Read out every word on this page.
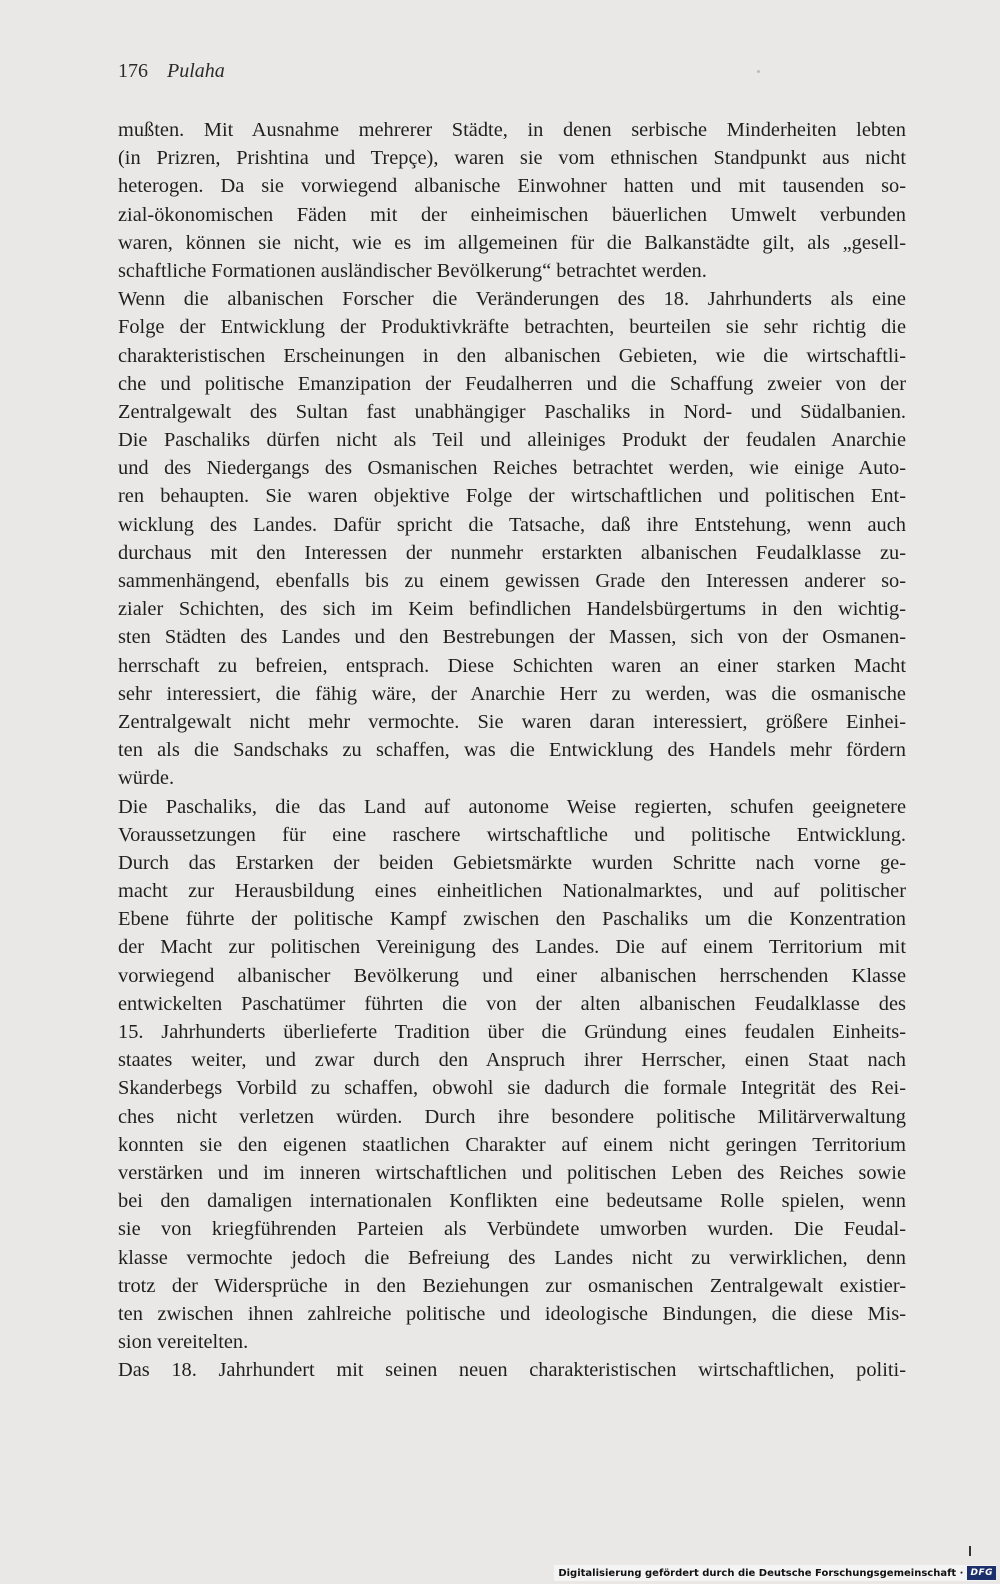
176 Pulaha
mußten. Mit Ausnahme mehrerer Städte, in denen serbische Minderheiten lebten
(in Prizren, Prishtina und Trepçe), waren sie vom ethnischen Standpunkt aus nicht
heterogen. Da sie vorwiegend albanische Einwohner hatten und mit tausenden so-
zial-ökonomischen Fäden mit der einheimischen bäuerlichen Umwelt verbunden
waren, können sie nicht, wie es im allgemeinen für die Balkanstädte gilt, als „gesell-
schaftliche Formationen ausländischer Bevölkerung“ betrachtet werden.
Wenn die albanischen Forscher die Veränderungen des 18. Jahrhunderts als eine
Folge der Entwicklung der Produktivkräfte betrachten, beurteilen sie sehr richtig die
charakteristischen Erscheinungen in den albanischen Gebieten, wie die wirtschaftli-
che und politische Emanzipation der Feudalherren und die Schaffung zweier von der
Zentralgewalt des Sultan fast unabhängiger Paschaliks in Nord- und Südalbanien.
Die Paschaliks dürfen nicht als Teil und alleiniges Produkt der feudalen Anarchie
und des Niedergangs des Osmanischen Reiches betrachtet werden, wie einige Auto-
ren behaupten. Sie waren objektive Folge der wirtschaftlichen und politischen Ent-
wicklung des Landes. Dafür spricht die Tatsache, daß ihre Entstehung, wenn auch
durchaus mit den Interessen der nunmehr erstarkten albanischen Feudalklasse zu-
sammenhängend, ebenfalls bis zu einem gewissen Grade den Interessen anderer so-
zialer Schichten, des sich im Keim befindlichen Handelsbürgertums in den wichtig-
sten Städten des Landes und den Bestrebungen der Massen, sich von der Osmanen-
herrschaft zu befreien, entsprach. Diese Schichten waren an einer starken Macht
sehr interessiert, die fähig wäre, der Anarchie Herr zu werden, was die osmanische
Zentralgewalt nicht mehr vermochte. Sie waren daran interessiert, größere Einhei-
ten als die Sandschaks zu schaffen, was die Entwicklung des Handels mehr fördern
würde.
Die Paschaliks, die das Land auf autonome Weise regierten, schufen geeignetere
Voraussetzungen für eine raschere wirtschaftliche und politische Entwicklung.
Durch das Erstarken der beiden Gebietsmärkte wurden Schritte nach vorne ge-
macht zur Herausbildung eines einheitlichen Nationalmarktes, und auf politischer
Ebene führte der politische Kampf zwischen den Paschaliks um die Konzentration
der Macht zur politischen Vereinigung des Landes. Die auf einem Territorium mit
vorwiegend albanischer Bevölkerung und einer albanischen herrschenden Klasse
entwickelten Paschatümer führten die von der alten albanischen Feudalklasse des
15. Jahrhunderts überlieferte Tradition über die Gründung eines feudalen Einheits-
staates weiter, und zwar durch den Anspruch ihrer Herrscher, einen Staat nach
Skanderbegs Vorbild zu schaffen, obwohl sie dadurch die formale Integrität des Rei-
ches nicht verletzen würden. Durch ihre besondere politische Militärverwaltung
konnten sie den eigenen staatlichen Charakter auf einem nicht geringen Territorium
verstärken und im inneren wirtschaftlichen und politischen Leben des Reiches sowie
bei den damaligen internationalen Konflikten eine bedeutsame Rolle spielen, wenn
sie von kriegführenden Parteien als Verbündete umworben wurden. Die Feudal-
klasse vermochte jedoch die Befreiung des Landes nicht zu verwirklichen, denn
trotz der Widersprüche in den Beziehungen zur osmanischen Zentralgewalt existier-
ten zwischen ihnen zahlreiche politische und ideologische Bindungen, die diese Mis-
sion vereitelten.
Das 18. Jahrhundert mit seinen neuen charakteristischen wirtschaftlichen, politi-
Digitalisierung gefördert durch die Deutsche Forschungsgemeinschaft · DFG
